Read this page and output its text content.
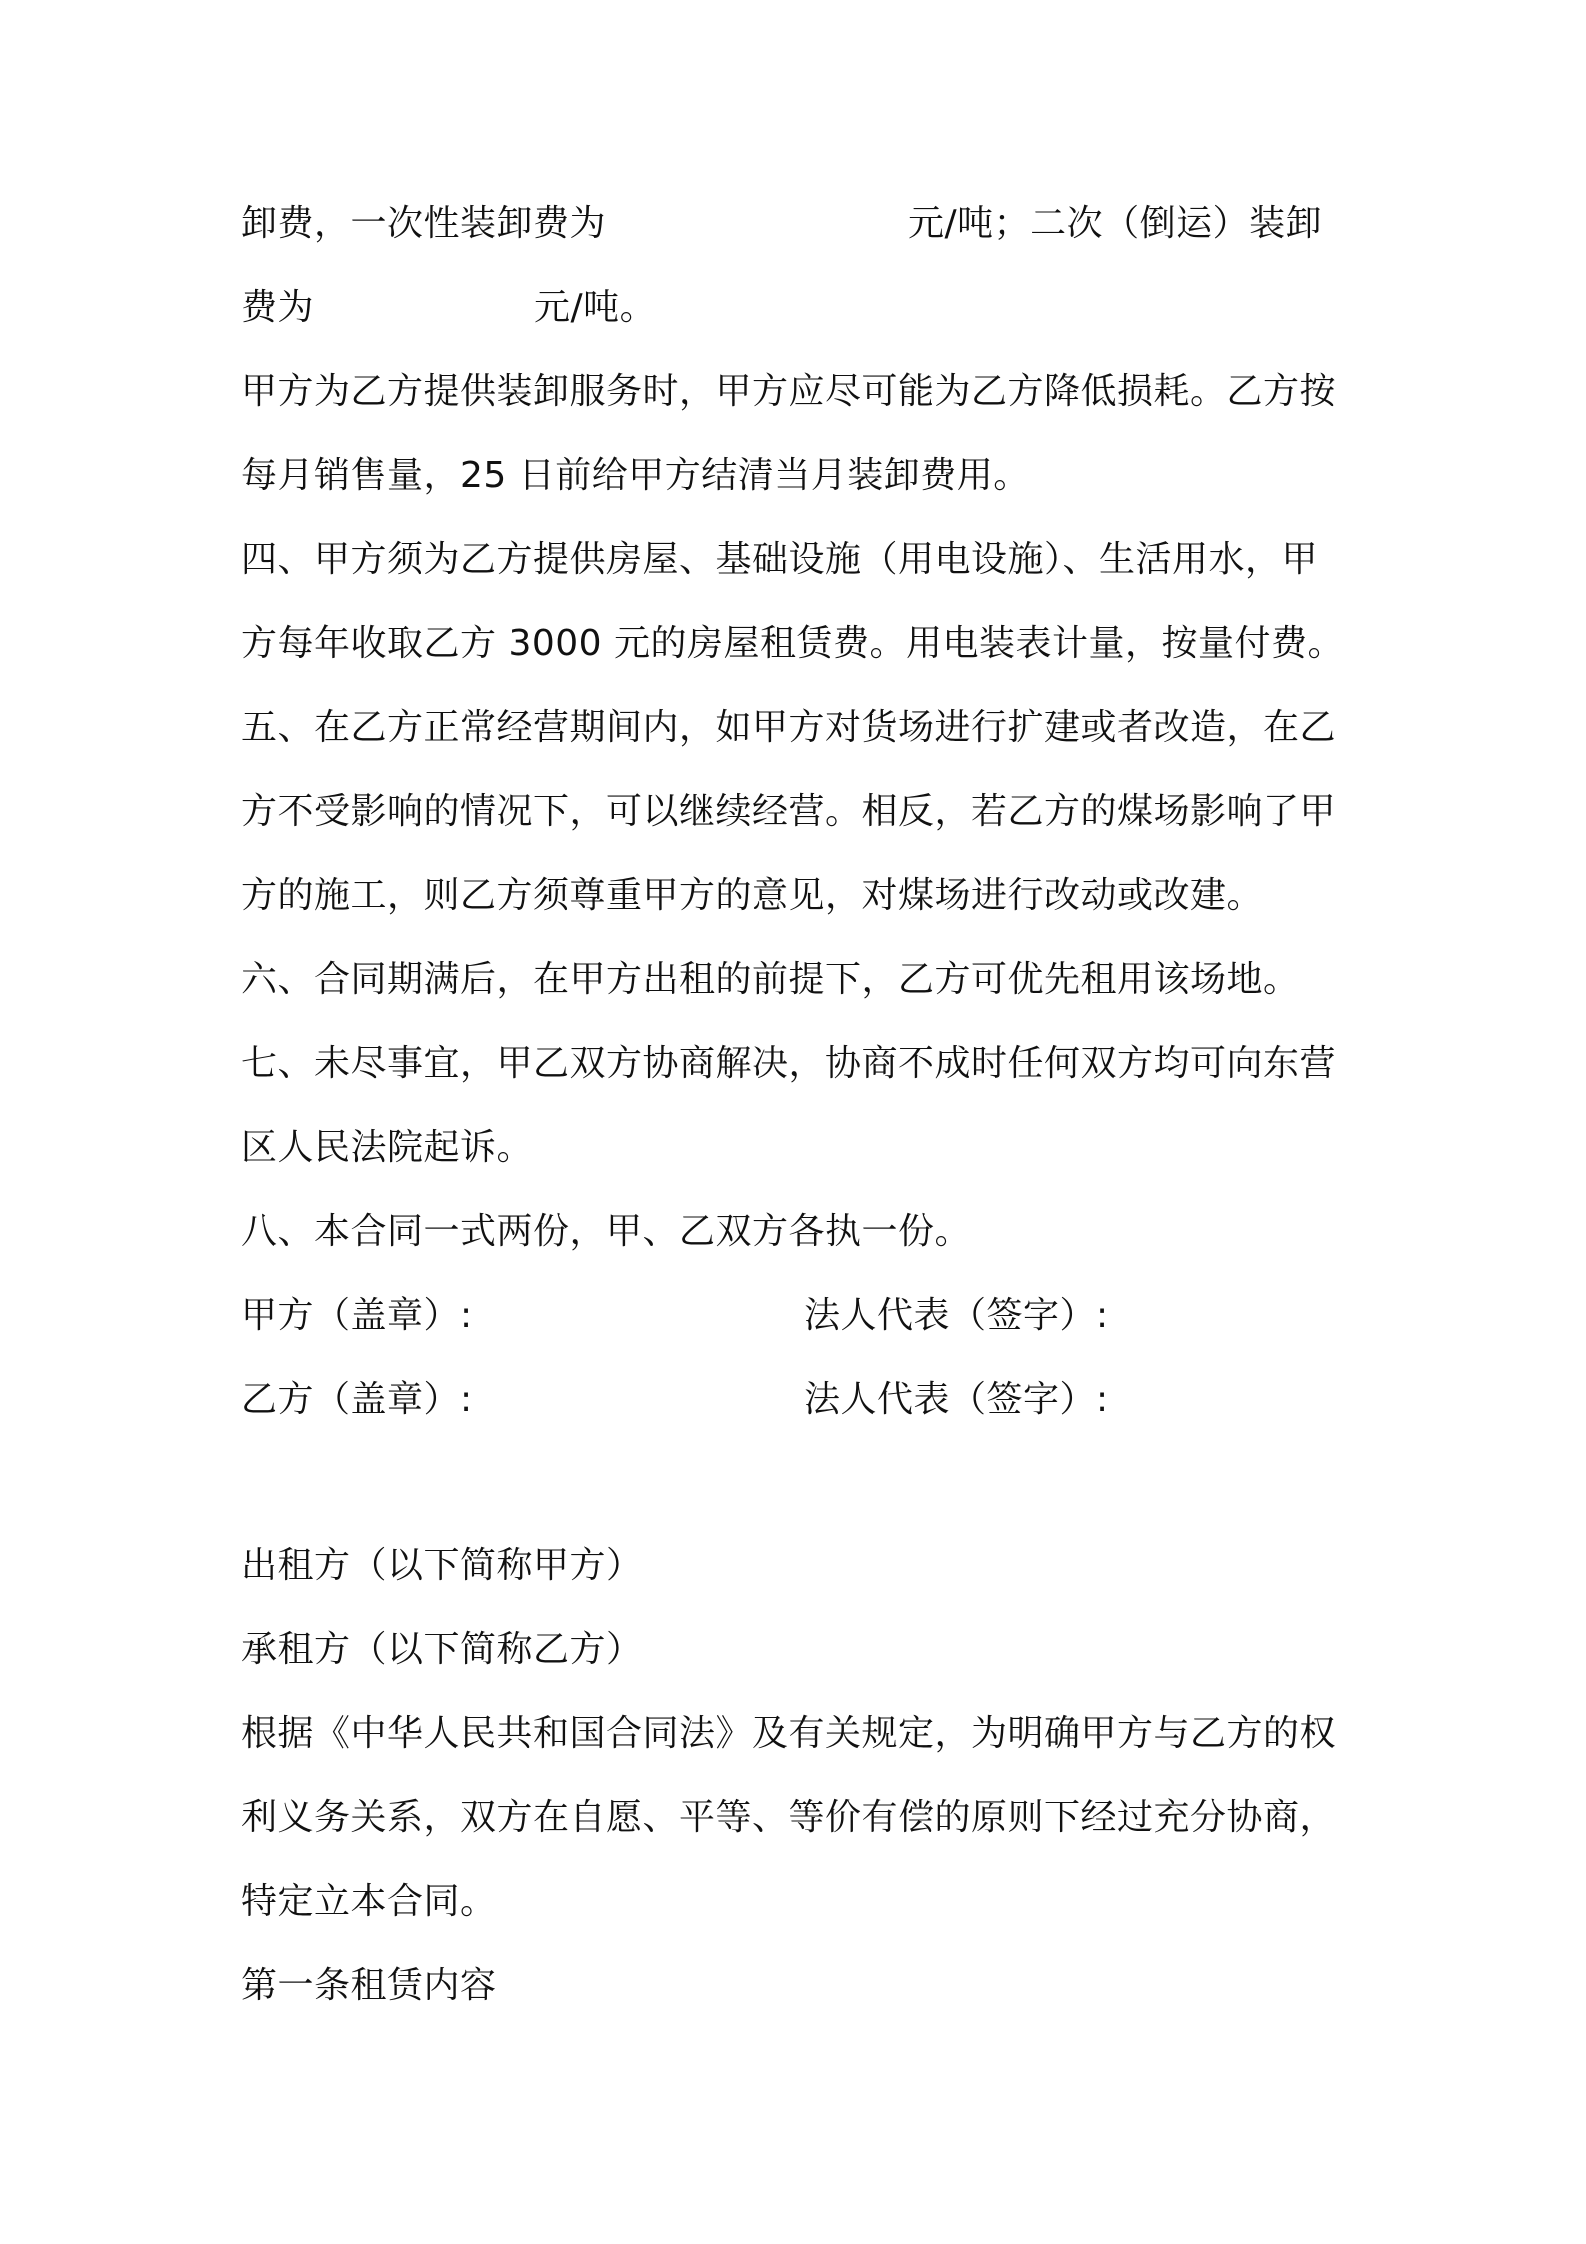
卸费，一次性装卸费为	元/吨；二次（倒运）装卸
费为	元/吨。
甲方为乙方提供装卸服务时，甲方应尽可能为乙方降低损耗。乙方按
每月销售量，25 日前给甲方结清当月装卸费用。
四、甲方须为乙方提供房屋、基础设施（用电设施）、生活用水，甲
方每年收取乙方 3000 元的房屋租赁费。用电装表计量，按量付费。
五、在乙方正常经营期间内，如甲方对货场进行扩建或者改造，在乙
方不受影响的情况下，可以继续经营。相反，若乙方的煤场影响了甲
方的施工，则乙方须尊重甲方的意见，对煤场进行改动或改建。
六、合同期满后，在甲方出租的前提下，乙方可优先租用该场地。
七、未尽事宜，甲乙双方协商解决，协商不成时任何双方均可向东营
区人民法院起诉。
八、本合同一式两份，甲、乙双方各执一份。
甲方（盖章）:	法人代表（签字）:
乙方（盖章）:	法人代表（签字）:
出租方（以下简称甲方）
承租方（以下简称乙方）
根据《中华人民共和国合同法》及有关规定，为明确甲方与乙方的权
利义务关系，双方在自愿、平等、等价有偿的原则下经过充分协商，
特定立本合同。
第一条租赁内容
